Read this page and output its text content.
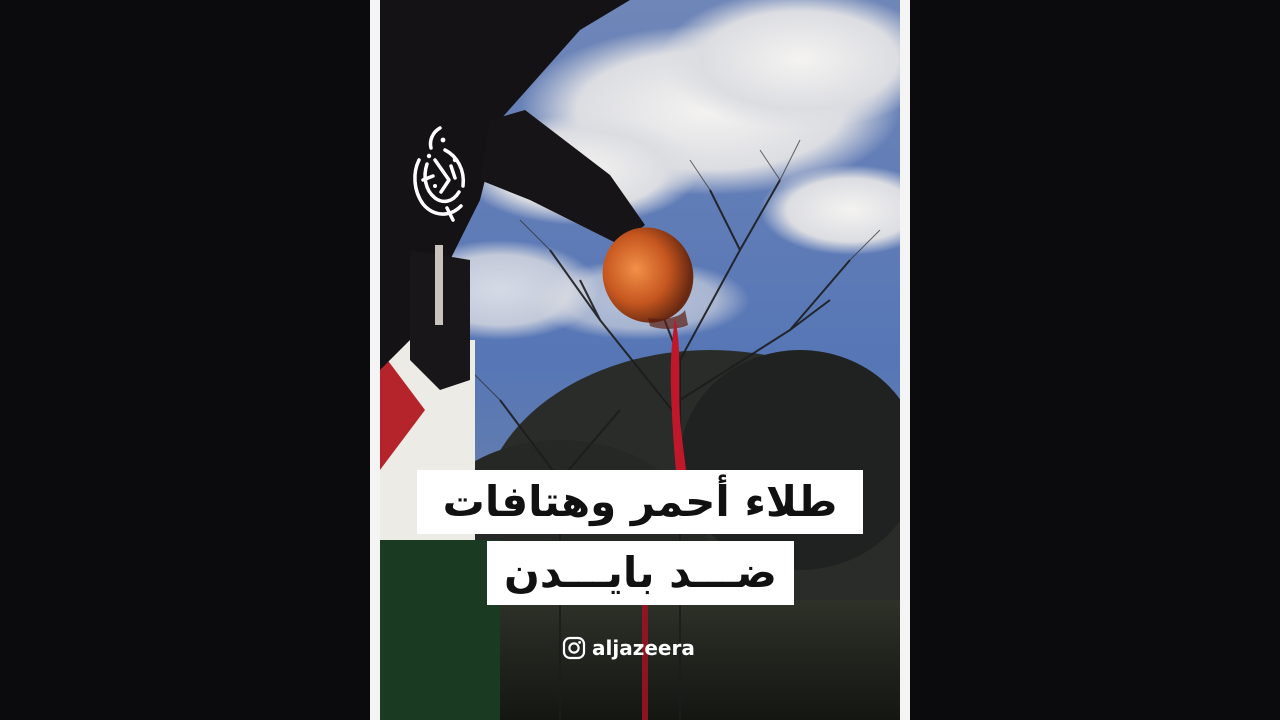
طلاء أحمر وهتافات
ضـــد بايـــدن
aljazeera
